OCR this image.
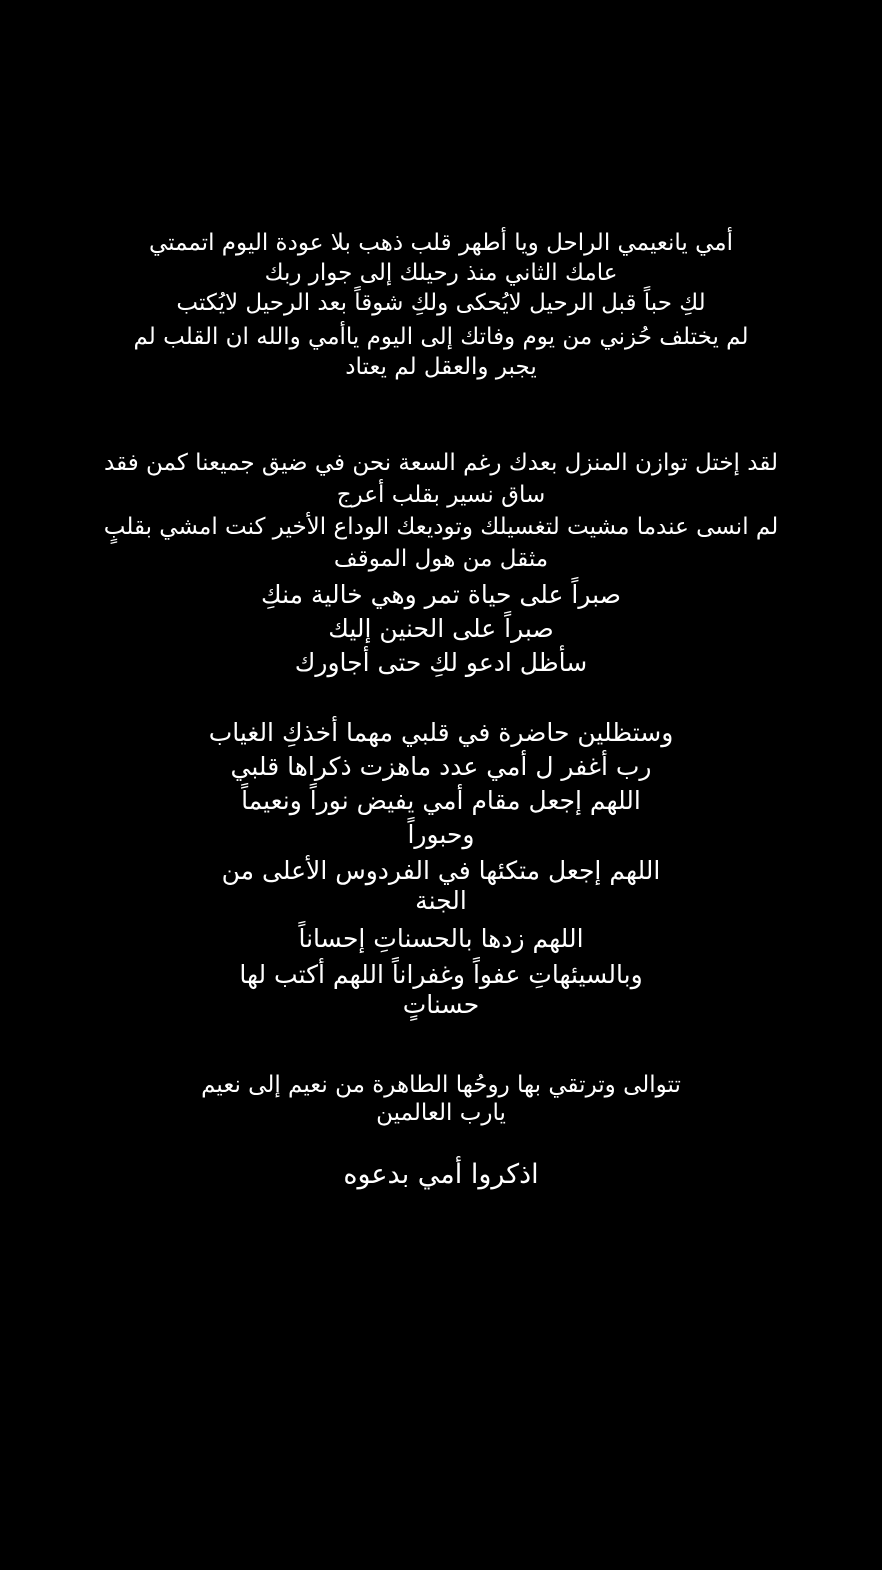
أمي يانعيمي الراحل ويا أطهر قلب ذهب بلا عودة اليوم اتممتي
عامك الثاني منذ رحيلك إلى جوار ربك
لكِ حباً قبل الرحيل لايُحكى ولكِ شوقاً بعد الرحيل لايُكتب
لم يختلف حُزني من يوم وفاتك إلى اليوم ياأمي والله ان القلب لم
يجبر والعقل لم يعتاد
لقد إختل توازن المنزل بعدك رغم السعة نحن في ضيق جميعنا كمن فقد
ساق نسير بقلب أعرج
لم انسى عندما مشيت لتغسيلك وتوديعك الوداع الأخير كنت امشي بقلبٍ
مثقل من هول الموقف
صبراً على حياة تمر وهي خالية منكِ
صبراً على الحنين إليك
سأظل ادعو لكِ حتى أجاورك
وستظلين حاضرة في قلبي مهما أخذكِ الغياب
رب أغفر ل أمي عدد ماهزت ذكراها قلبي
اللهم إجعل مقام أمي يفيض نوراً ونعيماً
وحبوراً
اللهم إجعل متكئها في الفردوس الأعلى من
الجنة
اللهم زدها بالحسناتِ إحساناً
وبالسيئهاتِ عفواً وغفراناً اللهم أكتب لها
حسناتٍ
تتوالى وترتقي بها روحُها الطاهرة من نعيم إلى نعيم
يارب العالمين
اذكروا أمي بدعوه
